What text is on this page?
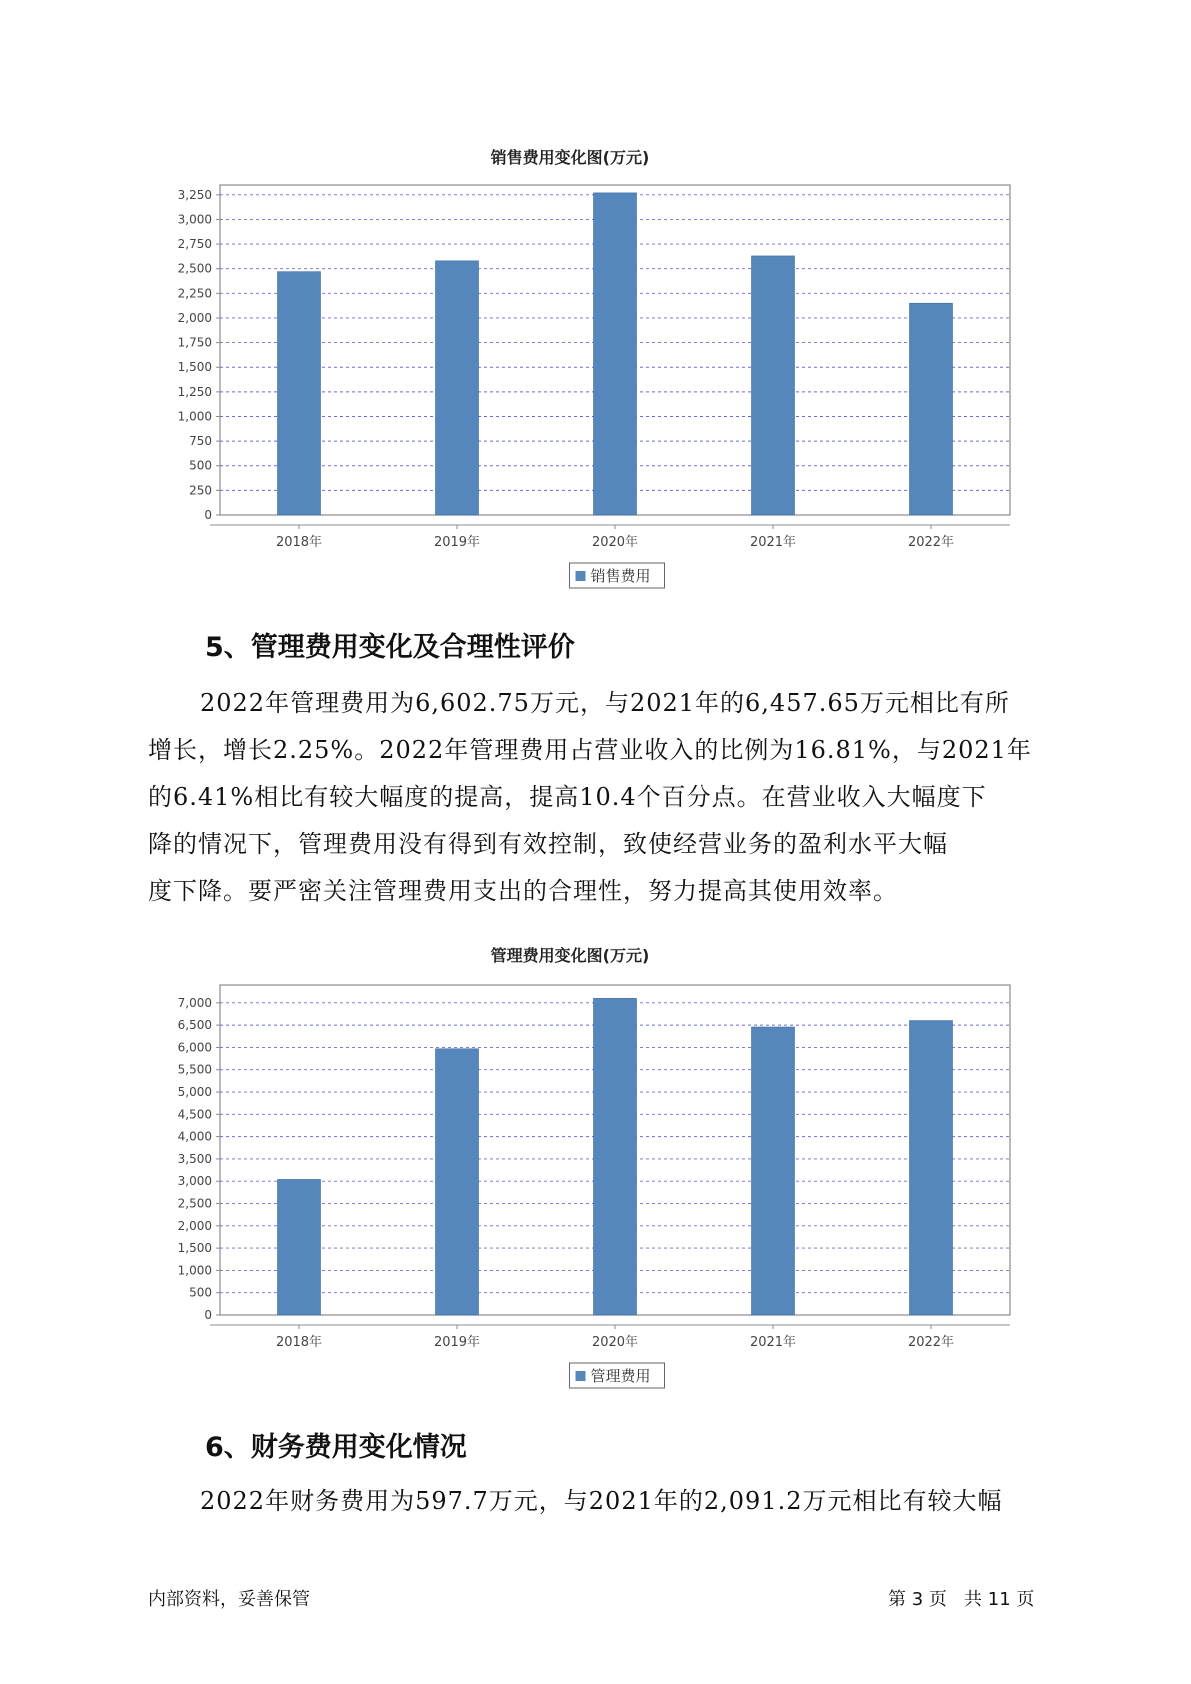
销售费用变化图(万元)
0
250
500
750
1,000
1,250
1,500
1,750
2,000
2,250
2,500
2,750
3,000
3,250
2018年	2019年	2020年	2021年	2022年
销售费用
5、管理费用变化及合理性评价
2022年管理费用为6,602.75万元，与2021年的6,457.65万元相比有所
增长，增长2.25%。2022年管理费用占营业收入的比例为16.81%，与2021年
的6.41%相比有较大幅度的提高，提高10.4个百分点。在营业收入大幅度下
降的情况下，管理费用没有得到有效控制，致使经营业务的盈利水平大幅
度下降。要严密关注管理费用支出的合理性，努力提高其使用效率。
管理费用变化图(万元)
0
500
1,000
1,500
2,000
2,500
3,000
3,500
4,000
4,500
5,000
5,500
6,000
6,500
7,000
2018年	2019年	2020年	2021年	2022年
管理费用
6、财务费用变化情况
2022年财务费用为597.7万元，与2021年的2,091.2万元相比有较大幅
内部资料，妥善保管	第 3 页   共 11 页
